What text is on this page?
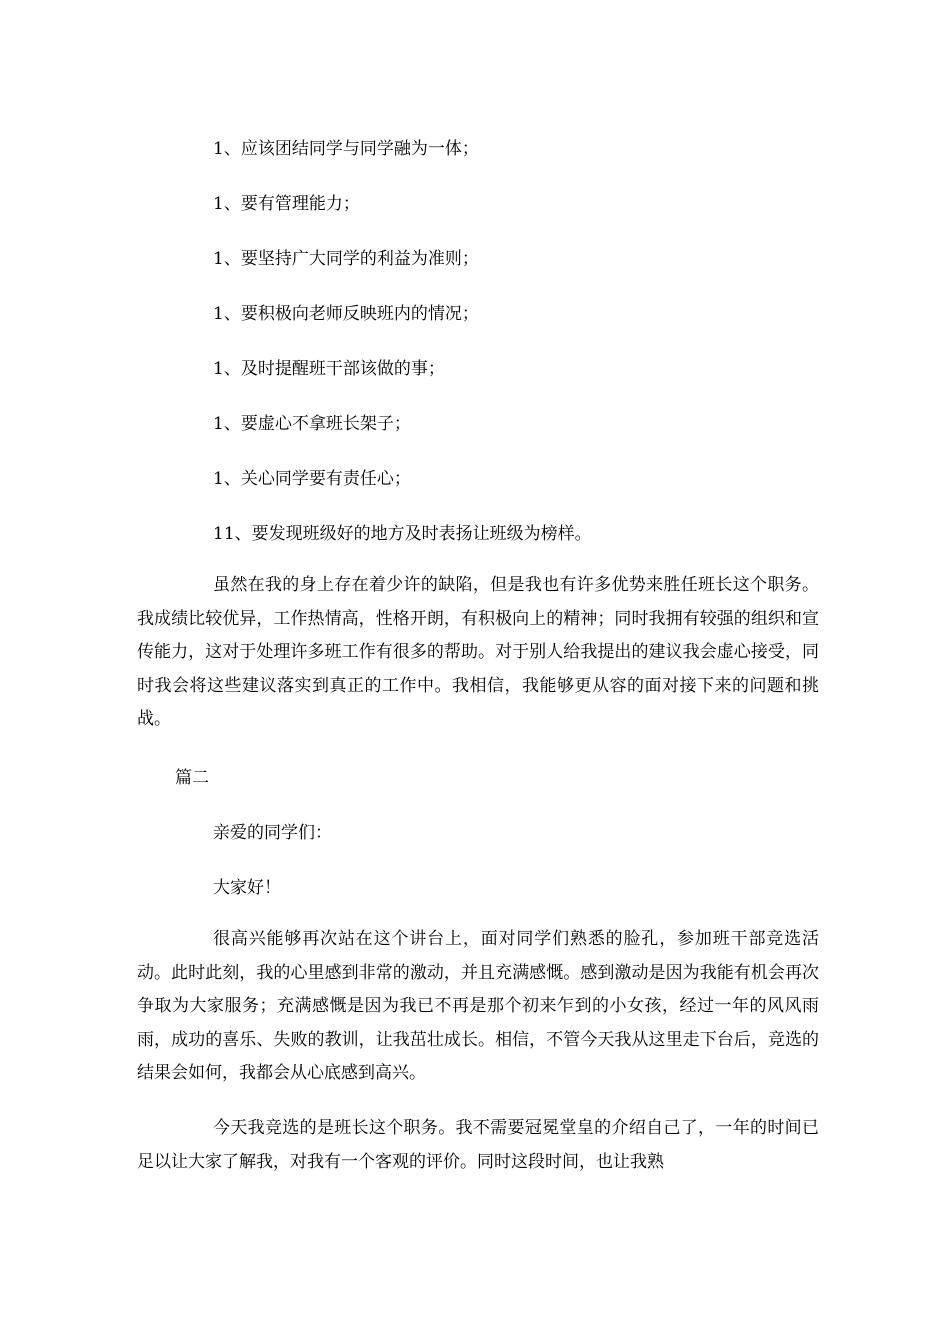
1、应该团结同学与同学融为一体；
1、要有管理能力；
1、要坚持广大同学的利益为准则；
1、要积极向老师反映班内的情况；
1、及时提醒班干部该做的事；
1、要虚心不拿班长架子；
1、关心同学要有责任心；
11、要发现班级好的地方及时表扬让班级为榜样。
虽然在我的身上存在着少许的缺陷，但是我也有许多优势来胜任班长这个职务。我成绩比较优异，工作热情高，性格开朗，有积极向上的精神；同时我拥有较强的组织和宣传能力，这对于处理许多班工作有很多的帮助。对于别人给我提出的建议我会虚心接受，同时我会将这些建议落实到真正的工作中。我相信，我能够更从容的面对接下来的问题和挑战。
篇二
亲爱的同学们：
大家好！
很高兴能够再次站在这个讲台上，面对同学们熟悉的脸孔，参加班干部竞选活动。此时此刻，我的心里感到非常的激动，并且充满感慨。感到激动是因为我能有机会再次争取为大家服务；充满感慨是因为我已不再是那个初来乍到的小女孩，经过一年的风风雨雨，成功的喜乐、失败的教训，让我茁壮成长。相信，不管今天我从这里走下台后，竞选的结果会如何，我都会从心底感到高兴。
今天我竞选的是班长这个职务。我不需要冠冕堂皇的介绍自己了，一年的时间已足以让大家了解我，对我有一个客观的评价。同时这段时间，也让我熟
